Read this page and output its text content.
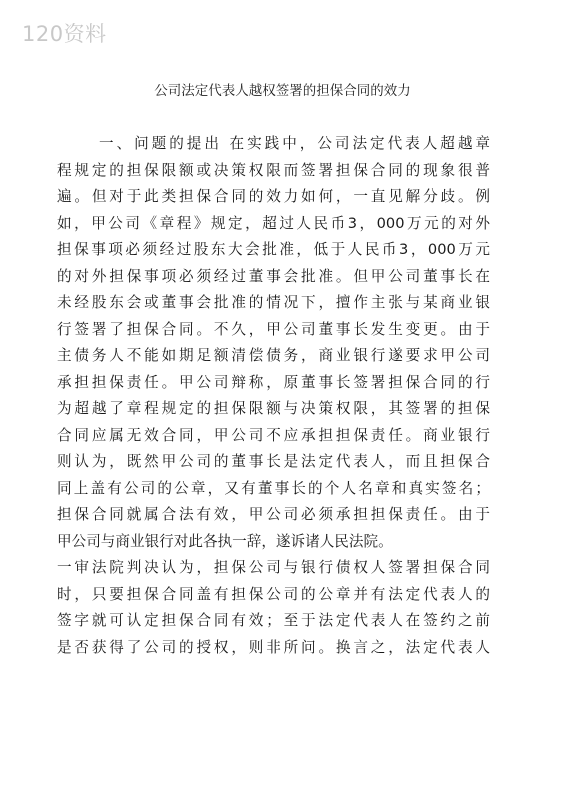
120资料
公司法定代表人越权签署的担保合同的效力
一、问题的提出 在实践中，公司法定代表人超越章
程规定的担保限额或决策权限而签署担保合同的现象很普
遍。但对于此类担保合同的效力如何，一直见解分歧。例
如，甲公司《章程》规定，超过人民币3，000万元的对外
担保事项必须经过股东大会批准，低于人民币3，000万元
的对外担保事项必须经过董事会批准。但甲公司董事长在
未经股东会或董事会批准的情况下，擅作主张与某商业银
行签署了担保合同。不久，甲公司董事长发生变更。由于
主债务人不能如期足额清偿债务，商业银行遂要求甲公司
承担担保责任。甲公司辩称，原董事长签署担保合同的行
为超越了章程规定的担保限额与决策权限，其签署的担保
合同应属无效合同，甲公司不应承担担保责任。商业银行
则认为，既然甲公司的董事长是法定代表人，而且担保合
同上盖有公司的公章，又有董事长的个人名章和真实签名；
担保合同就属合法有效，甲公司必须承担担保责任。由于
甲公司与商业银行对此各执一辞，遂诉诸人民法院。
一审法院判决认为，担保公司与银行债权人签署担保合同
时，只要担保合同盖有担保公司的公章并有法定代表人的
签字就可认定担保合同有效；至于法定代表人在签约之前
是否获得了公司的授权，则非所问。换言之，法定代表人
